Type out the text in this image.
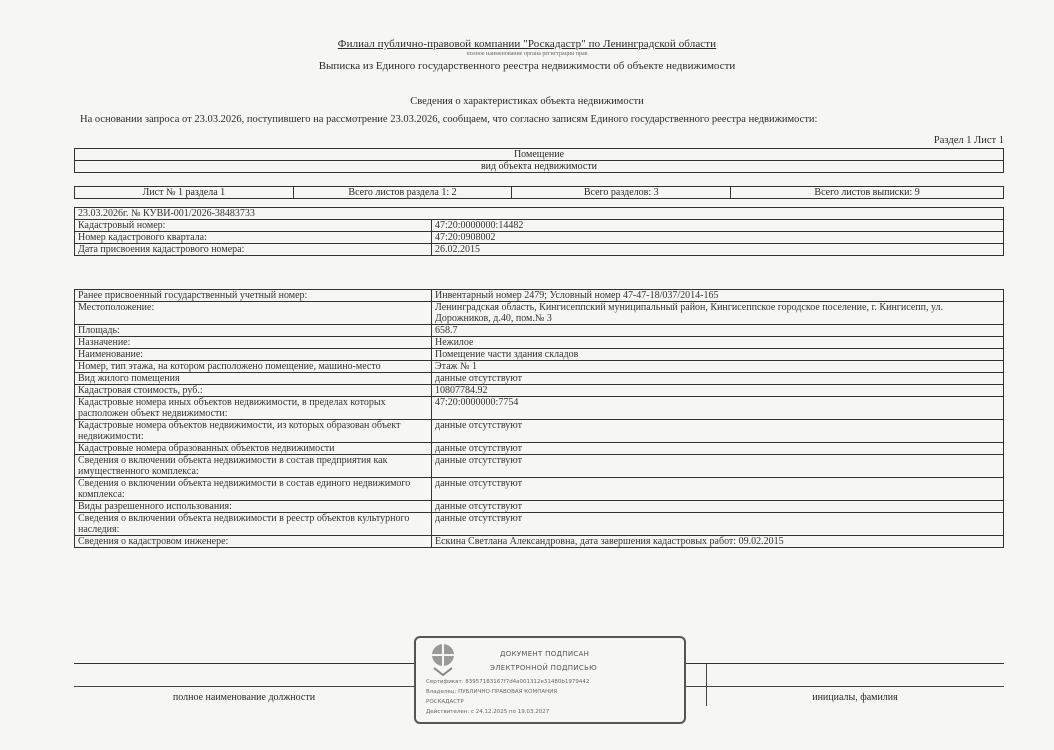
Филиал публично-правовой компании "Роскадастр" по Ленинградской области
полное наименование органа регистрации прав
Выписка из Единого государственного реестра недвижимости об объекте недвижимости
Сведения о характеристиках объекта недвижимости
На основании запроса от 23.03.2026, поступившего на рассмотрение 23.03.2026, сообщаем, что согласно записям Единого государственного реестра недвижимости:
Раздел 1 Лист 1
Помещение
вид объекта недвижимости
Лист № 1 раздела 1	Всего листов раздела 1: 2	Всего разделов: 3	Всего листов выписки: 9
23.03.2026г. № КУВИ-001/2026-38483733	
Кадастровый номер:	47:20:0000000:14482
Номер кадастрового квартала:	47:20:0908002
Дата присвоения кадастрового номера:	26.02.2015
Ранее присвоенный государственный учетный номер:	Инвентарный номер 2479; Условный номер 47-47-18/037/2014-165
Местоположение:	Ленинградская область, Кингисеппский муниципальный район, Кингисеппское городское поселение, г. Кингисепп, ул. Дорожников, д.40, пом.№ 3
Площадь:	658.7
Назначение:	Нежилое
Наименование:	Помещение части здания складов
Номер, тип этажа, на котором расположено помещение, машино-место	Этаж № 1
Вид жилого помещения	данные отсутствуют
Кадастровая стоимость, руб.:	10807784.92
Кадастровые номера иных объектов недвижимости, в пределах которых расположен объект недвижимости:	47:20:0000000:7754
Кадастровые номера объектов недвижимости, из которых образован объект недвижимости:	данные отсутствуют
Кадастровые номера образованных объектов недвижимости	данные отсутствуют
Сведения о включении объекта недвижимости в состав предприятия как имущественного комплекса:	данные отсутствуют
Сведения о включении объекта недвижимости в состав единого недвижимого комплекса:	данные отсутствуют
Виды разрешенного использования:	данные отсутствуют
Сведения о включении объекта недвижимости в реестр объектов культурного наследия:	данные отсутствуют
Сведения о кадастровом инженере:	Ескина Светлана Александровна, дата завершения кадастровых работ: 09.02.2015
полное наименование должности	инициалы, фамилия
ДОКУМЕНТ ПОДПИСАН
ЭЛЕКТРОННОЙ ПОДПИСЬЮ
Сертификат: 83957183167f7d4a001312e31480b1979442
Владелец: ПУБЛИЧНО-ПРАВОВАЯ КОМПАНИЯ
РОСКАДАСТР
Действителен: с 24.12.2025 по 19.03.2027
